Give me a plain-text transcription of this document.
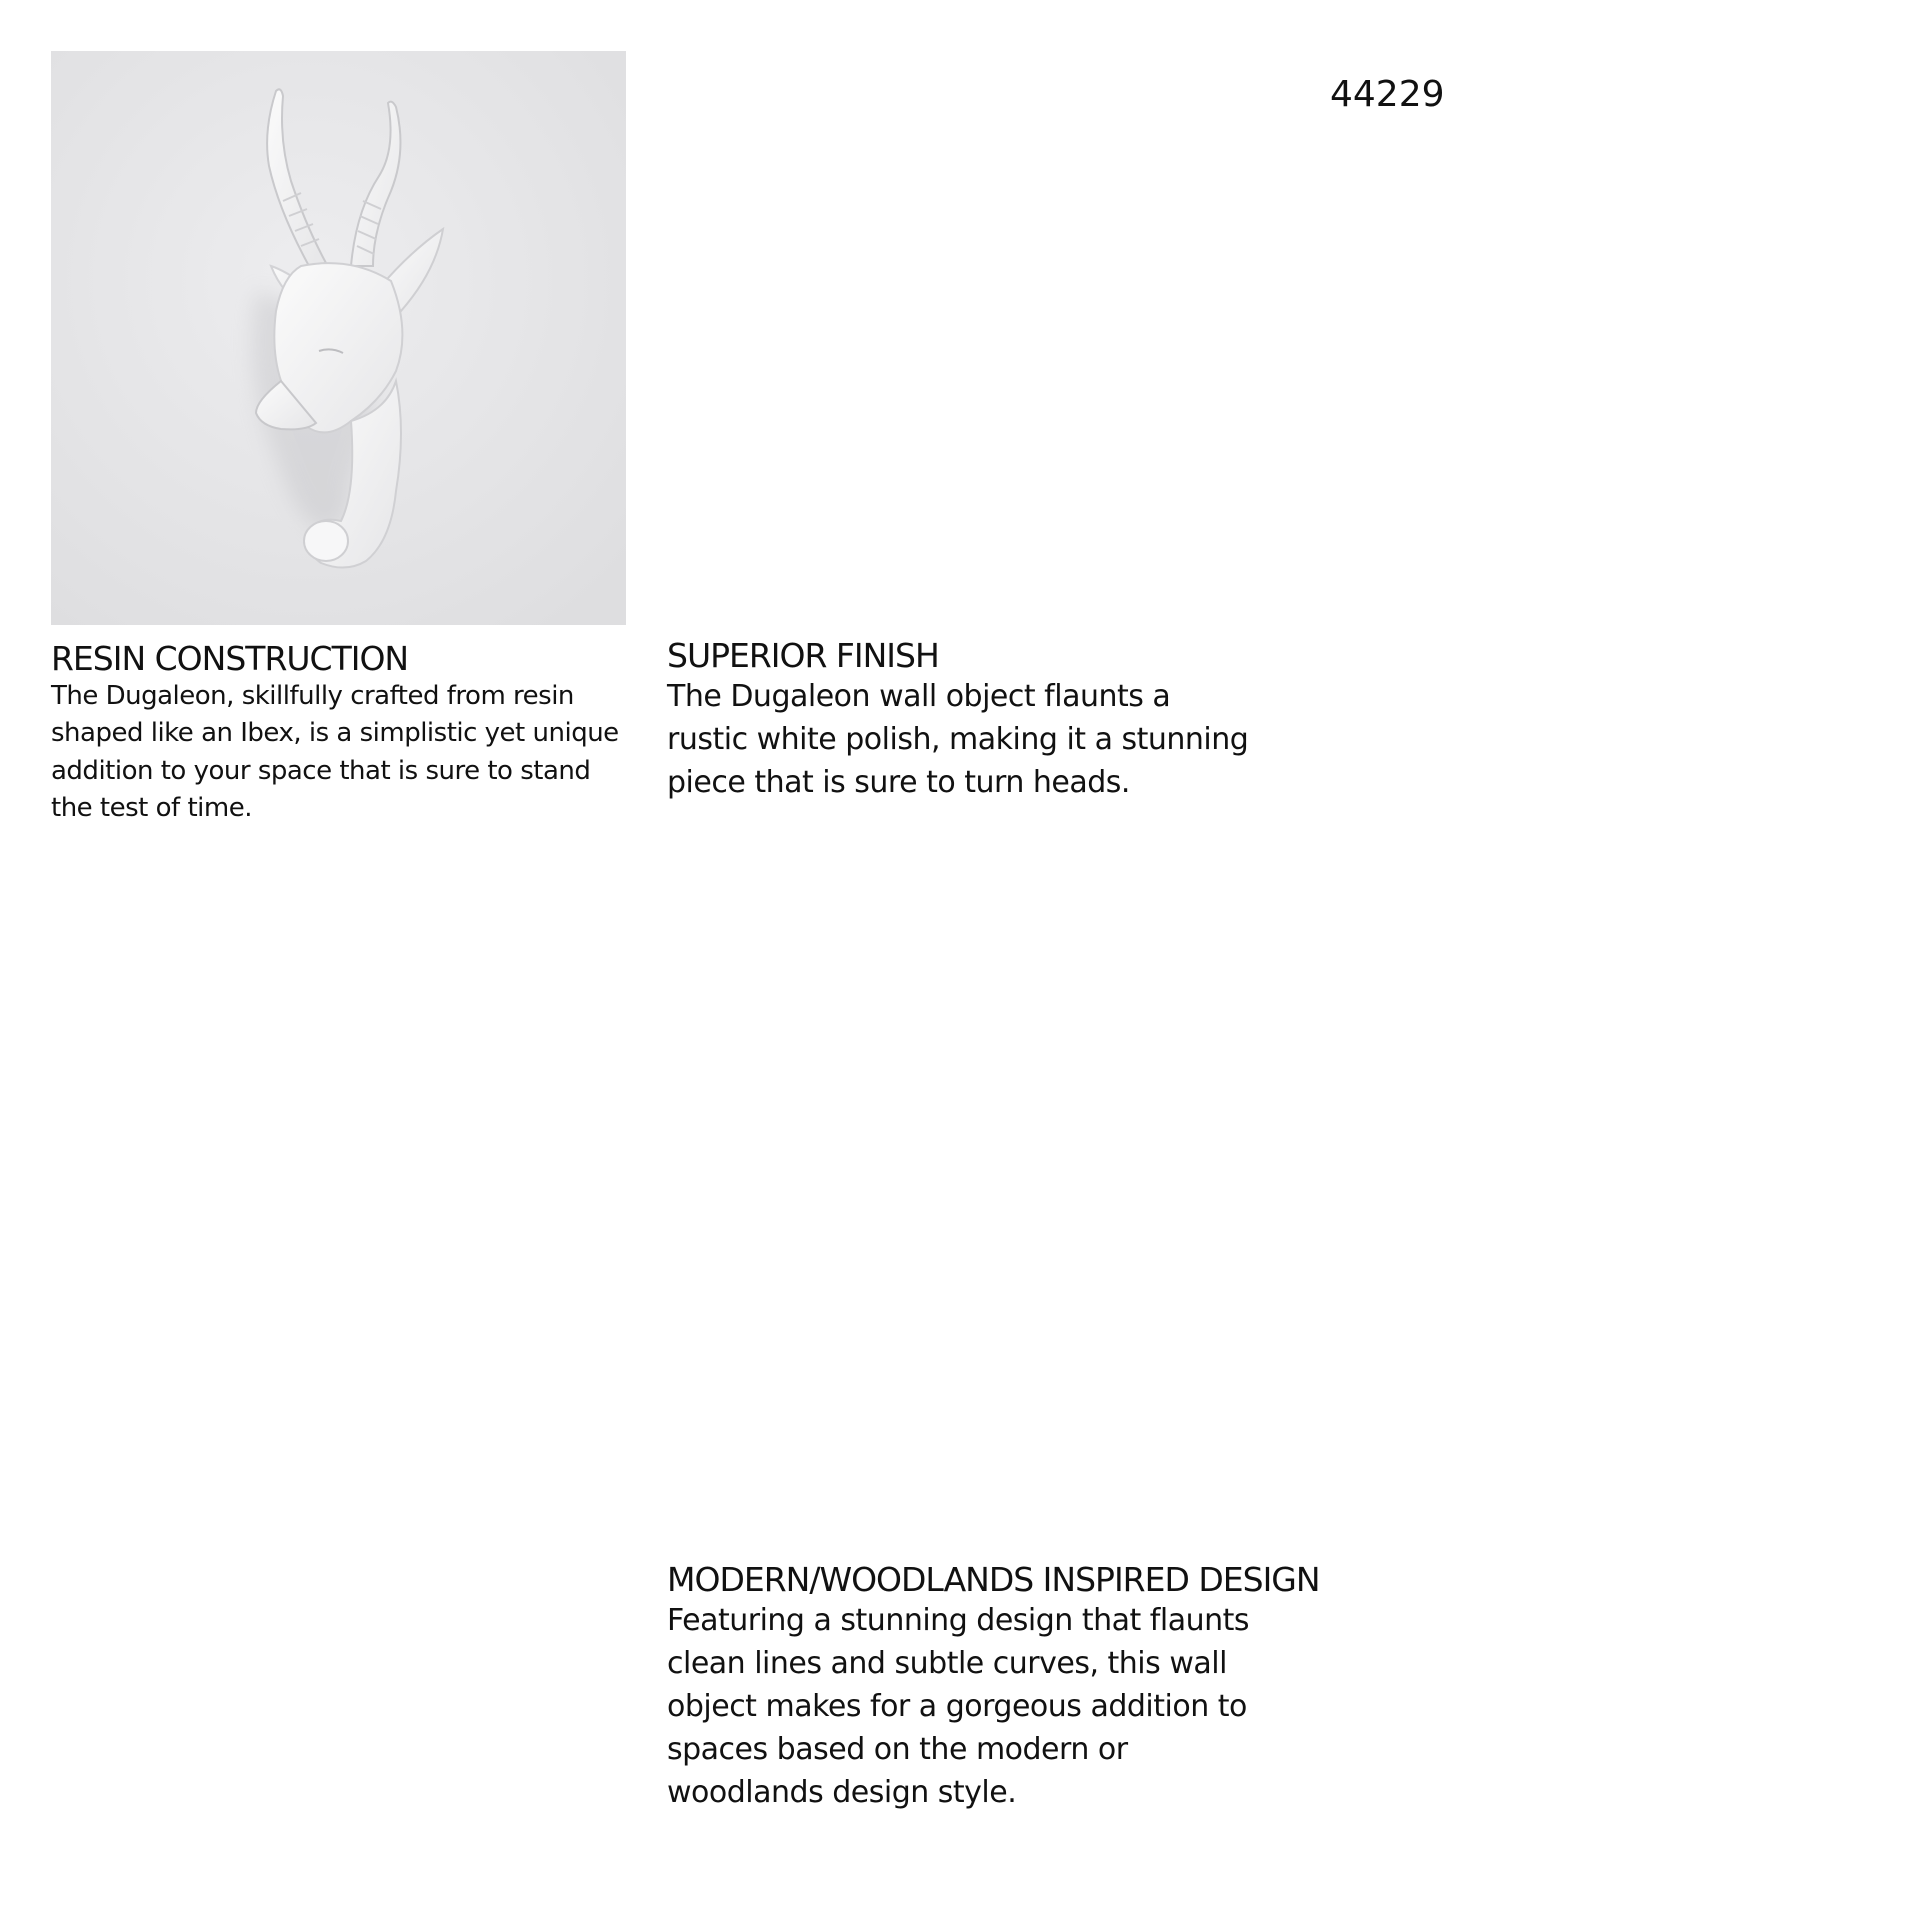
44229
RESIN CONSTRUCTION

The Dugaleon, skillfully crafted from resin
shaped like an Ibex, is a simplistic yet unique
addition to your space that is sure to stand
the test of time.

SUPERIOR FINISH

The Dugaleon wall object flaunts a
rustic white polish, making it a stunning
piece that is sure to turn heads.

MODERN/WOODLANDS INSPIRED DESIGN

Featuring a stunning design that flaunts
clean lines and subtle curves, this wall
object makes for a gorgeous addition to
spaces based on the modern or
woodlands design style.
